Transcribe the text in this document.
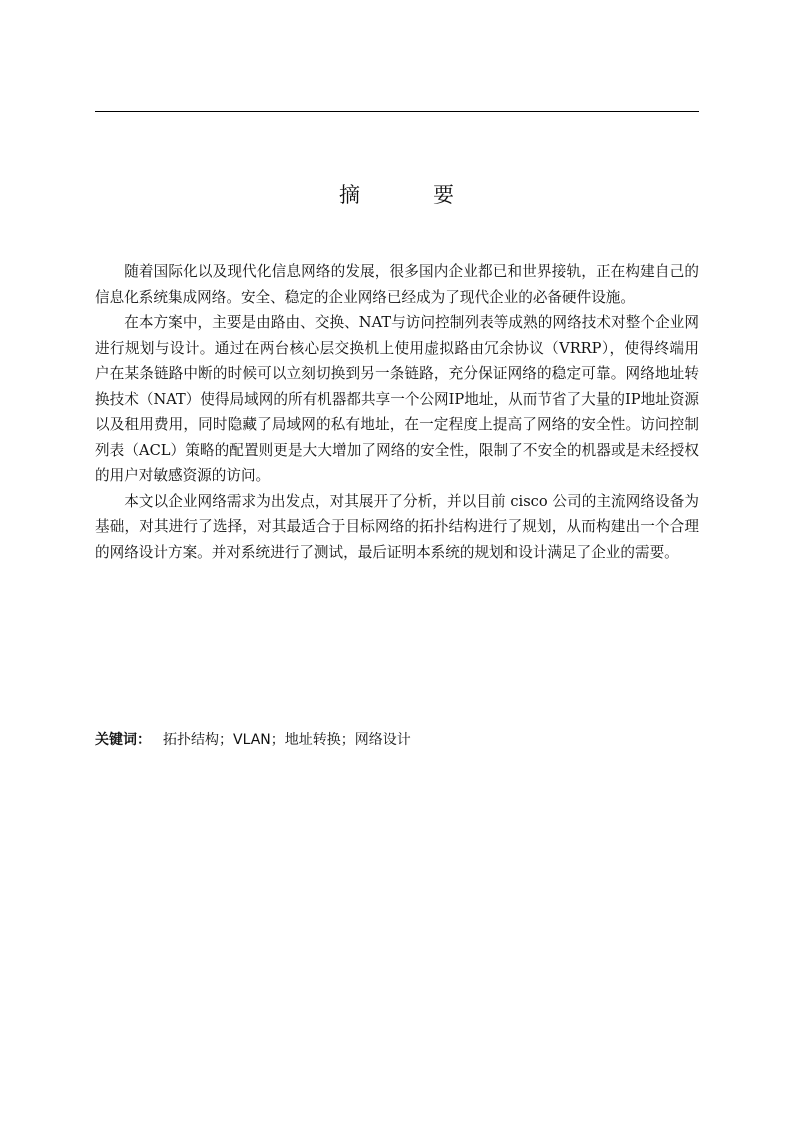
摘　要

随着国际化以及现代化信息网络的发展，很多国内企业都已和世界接轨，正在构建自己的信息化系统集成网络。安全、稳定的企业网络已经成为了现代企业的必备硬件设施。

在本方案中，主要是由路由、交换、NAT与访问控制列表等成熟的网络技术对整个企业网进行规划与设计。通过在两台核心层交换机上使用虚拟路由冗余协议（VRRP），使得终端用户在某条链路中断的时候可以立刻切换到另一条链路，充分保证网络的稳定可靠。网络地址转换技术（NAT）使得局域网的所有机器都共享一个公网IP地址，从而节省了大量的IP地址资源以及租用费用，同时隐藏了局域网的私有地址，在一定程度上提高了网络的安全性。访问控制列表（ACL）策略的配置则更是大大增加了网络的安全性，限制了不安全的机器或是未经授权的用户对敏感资源的访问。

本文以企业网络需求为出发点，对其展开了分析，并以目前 cisco 公司的主流网络设备为基础，对其进行了选择，对其最适合于目标网络的拓扑结构进行了规划，从而构建出一个合理的网络设计方案。并对系统进行了测试，最后证明本系统的规划和设计满足了企业的需要。

关键词： 拓扑结构；VLAN；地址转换；网络设计
